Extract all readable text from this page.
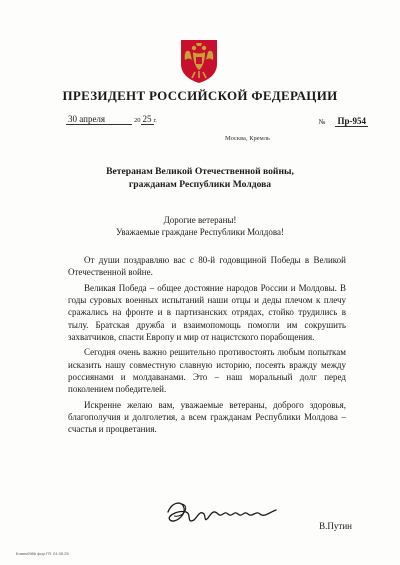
ПРЕЗИДЕНТ РОССИЙСКОЙ ФЕДЕРАЦИИ
30 апреля	20 25 г.	№ Пр-954
Москва, Кремль
Ветеранам Великой Отечественной войны,
гражданам Республики Молдова
Дорогие ветераны!
Уважаемые граждане Республики Молдова!

От души поздравляю вас с 80-й годовщиной Победы в Великой Отечественной войне.

Великая Победа – общее достояние народов России и Молдовы. В годы суровых военных испытаний наши отцы и деды плечом к плечу сражались на фронте и в партизанских отрядах, стойко трудились в тылу. Братская дружба и взаимопомощь помогли им сокрушить захватчиков, спасти Европу и мир от нацистского порабощения.

Сегодня очень важно решительно противостоять любым попыткам исказить нашу совместную славную историю, посеять вражду между россиянами и молдаванами. Это – наш моральный долг перед поколением победителей.

Искренне желаю вам, уважаемые ветераны, доброго здоровья, благополучия и долголетия, а всем гражданам Республики Молдова – счастья и процветания.

В.Путин
Бланк0986 фор.ГЯ. 01.05.25
